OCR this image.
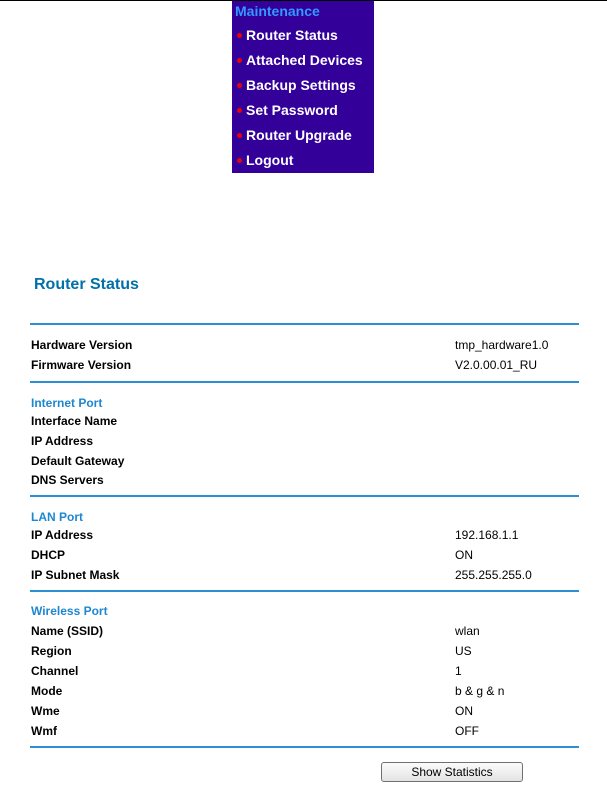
Maintenance
Router Status
Attached Devices
Backup Settings
Set Password
Router Upgrade
Logout
Router Status
Hardware Version	tmp_hardware1.0
Firmware Version	V2.0.00.01_RU
Internet Port
Interface Name
IP Address
Default Gateway
DNS Servers
LAN Port
IP Address	192.168.1.1
DHCP	ON
IP Subnet Mask	255.255.255.0
Wireless Port
Name (SSID)	wlan
Region	US
Channel	1
Mode	b & g & n
Wme	ON
Wmf	OFF
Show Statistics
